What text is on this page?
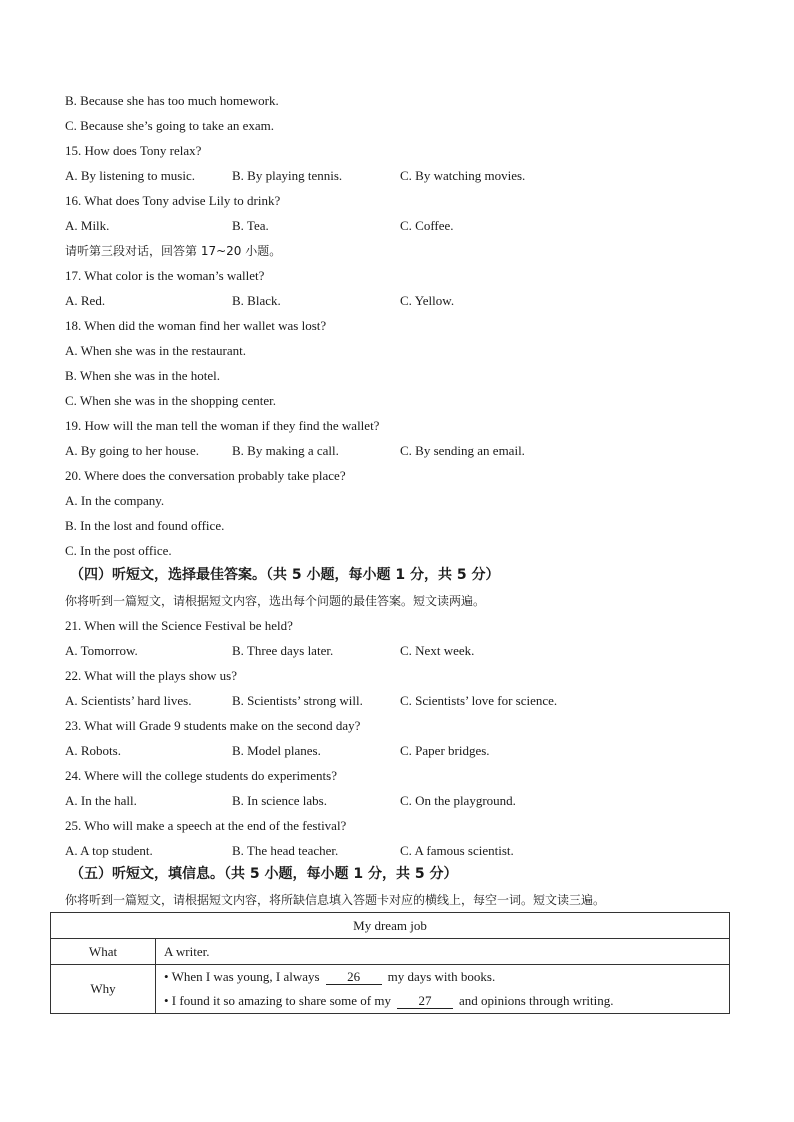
B. Because she has too much homework.
C. Because she’s going to take an exam.
15. How does Tony relax?
A. By listening to music.	B. By playing tennis.	C. By watching movies.
16. What does Tony advise Lily to drink?
A. Milk.	B. Tea.	C. Coffee.
请听第三段对话，回答第 17~20 小题。
17. What color is the woman’s wallet?
A. Red.	B. Black.	C. Yellow.
18. When did the woman find her wallet was lost?
A. When she was in the restaurant.
B. When she was in the hotel.
C. When she was in the shopping center.
19. How will the man tell the woman if they find the wallet?
A. By going to her house.	B. By making a call.	C. By sending an email.
20. Where does the conversation probably take place?
A. In the company.
B. In the lost and found office.
C. In the post office.
（四）听短文，选择最佳答案。（共 5 小题，每小题 1 分，共 5 分）
你将听到一篇短文，请根据短文内容，选出每个问题的最佳答案。短文读两遍。
21. When will the Science Festival be held?
A. Tomorrow.	B. Three days later.	C. Next week.
22. What will the plays show us?
A. Scientists’ hard lives.	B. Scientists’ strong will.	C. Scientists’ love for science.
23. What will Grade 9 students make on the second day?
A. Robots.	B. Model planes.	C. Paper bridges.
24. Where will the college students do experiments?
A. In the hall.	B. In science labs.	C. On the playground.
25. Who will make a speech at the end of the festival?
A. A top student.	B. The head teacher.	C. A famous scientist.
（五）听短文，填信息。（共 5 小题，每小题 1 分，共 5 分）
你将听到一篇短文，请根据短文内容，将所缺信息填入答题卡对应的横线上，每空一词。短文读三遍。
My dream job	
What	A writer.
Why	• When I was young, I always 26 my days with books.
• I found it so amazing to share some of my 27 and opinions through writing.
